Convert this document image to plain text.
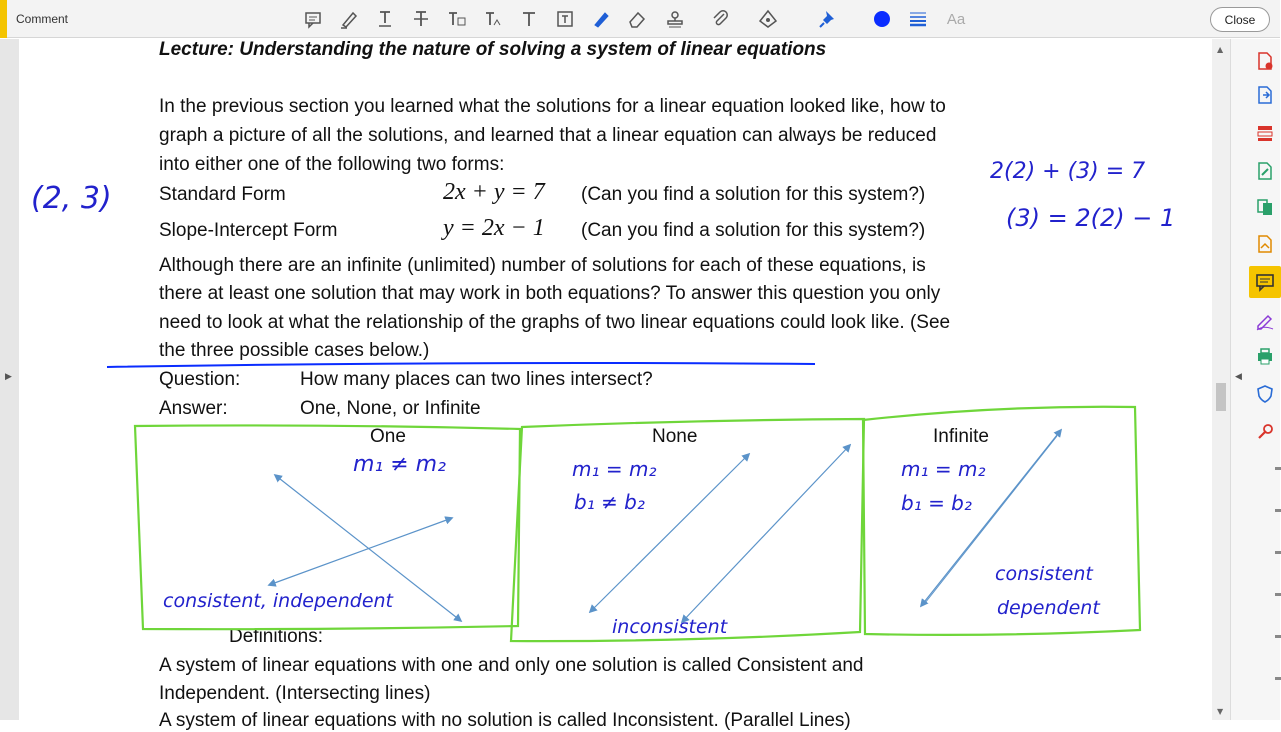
Comment	Aa	Close
▶
Lecture: Understanding the nature of solving a system of linear equations
In the previous section you learned what the solutions for a linear equation looked like, how to
graph a picture of all the solutions, and learned that a linear equation can always be reduced
into either one of the following two forms:
Standard Form	2x + y = 7 (Can you find a solution for this system?)
Slope-Intercept Form	y = 2x − 1 (Can you find a solution for this system?)
Although there are an infinite (unlimited) number of solutions for each of these equations, is
there at least one solution that may work in both equations? To answer this question you only
need to look at what the relationship of the graphs of two linear equations could look like. (See
the three possible cases below.)
Question:	How many places can two lines intersect?
Answer:	One, None, or Infinite
One	None	Infinite
Definitions:
A system of linear equations with one and only one solution is called Consistent and
Independent. (Intersecting lines)
A system of linear equations with no solution is called Inconsistent. (Parallel Lines)
(2, 3)
2(2) + (3) = 7
(3) = 2(2) − 1
m₁ ≠ m₂	m₁ = m₂
b₁ ≠ b₂
m₁ = m₂
b₁ = b₂
consistent, independent
inconsistent
consistent
dependent
▲
▼
◀
